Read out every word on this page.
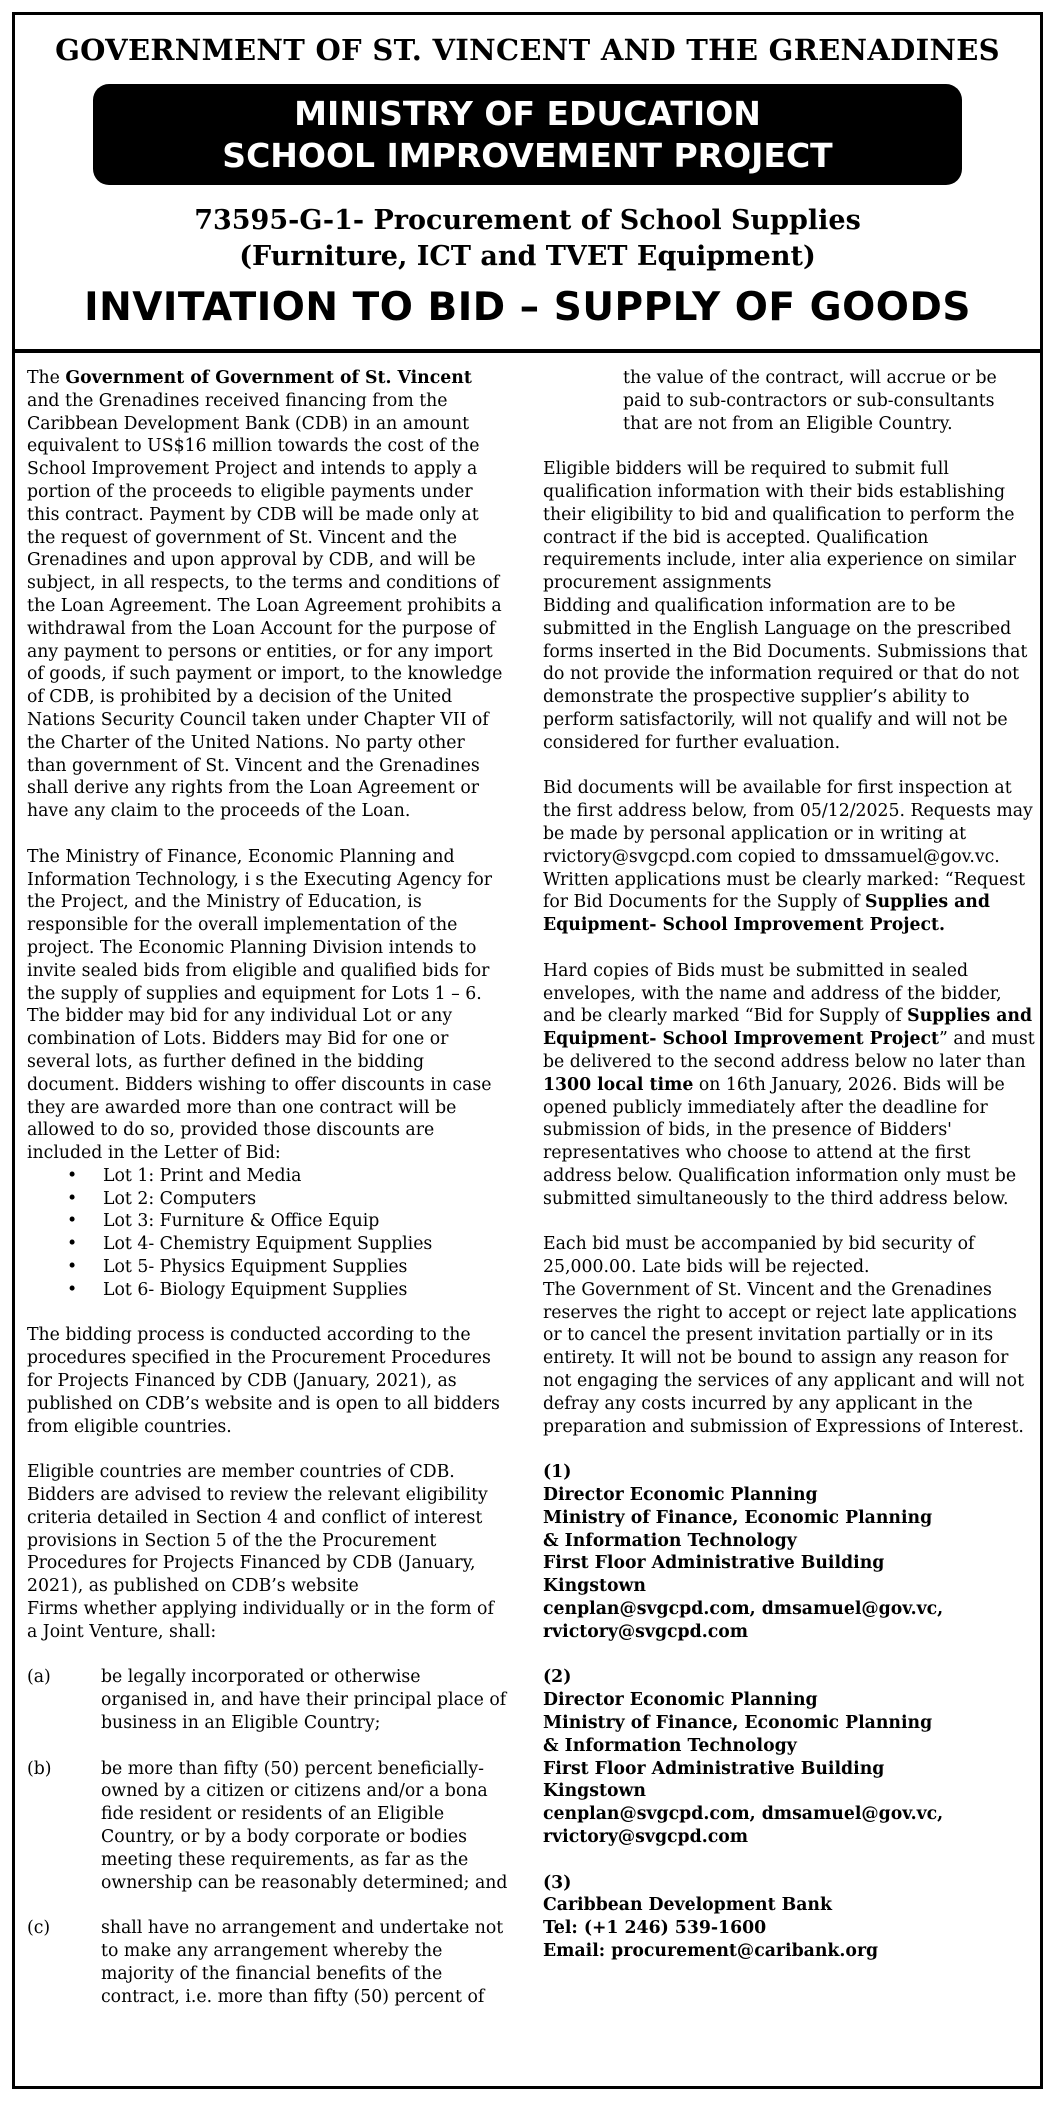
GOVERNMENT OF ST. VINCENT AND THE GRENADINES
MINISTRY OF EDUCATION
SCHOOL IMPROVEMENT PROJECT
73595-G-1- Procurement of School Supplies
(Furniture, ICT and TVET Equipment)
INVITATION TO BID – SUPPLY OF GOODS

The Government of Government of St. Vincent and the Grenadines received financing from the Caribbean Development Bank (CDB) in an amount equivalent to US$16 million towards the cost of the School Improvement Project and intends to apply a portion of the proceeds to eligible payments under this contract. Payment by CDB will be made only at the request of government of St. Vincent and the Grenadines and upon approval by CDB, and will be subject, in all respects, to the terms and conditions of the Loan Agreement. The Loan Agreement prohibits a withdrawal from the Loan Account for the purpose of any payment to persons or entities, or for any import of goods, if such payment or import, to the knowledge of CDB, is prohibited by a decision of the United Nations Security Council taken under Chapter VII of the Charter of the United Nations. No party other than government of St. Vincent and the Grenadines shall derive any rights from the Loan Agreement or have any claim to the proceeds of the Loan.

The Ministry of Finance, Economic Planning and Information Technology, i s the Executing Agency for the Project, and the Ministry of Education, is responsible for the overall implementation of the project. The Economic Planning Division intends to invite sealed bids from eligible and qualified bids for the supply of supplies and equipment for Lots 1 – 6. The bidder may bid for any individual Lot or any combination of Lots. Bidders may Bid for one or several lots, as further defined in the bidding document. Bidders wishing to offer discounts in case they are awarded more than one contract will be allowed to do so, provided those discounts are included in the Letter of Bid:

• Lot 1: Print and Media
• Lot 2: Computers
• Lot 3: Furniture & Office Equip
• Lot 4- Chemistry Equipment Supplies
• Lot 5- Physics Equipment Supplies
• Lot 6- Biology Equipment Supplies

The bidding process is conducted according to the procedures specified in the Procurement Procedures for Projects Financed by CDB (January, 2021), as published on CDB’s website and is open to all bidders from eligible countries.

Eligible countries are member countries of CDB. Bidders are advised to review the relevant eligibility criteria detailed in Section 4 and conflict of interest provisions in Section 5 of the the Procurement Procedures for Projects Financed by CDB (January, 2021), as published on CDB’s website

Firms whether applying individually or in the form of a Joint Venture, shall:

(a)	be legally incorporated or otherwise organised in, and have their principal place of business in an Eligible Country;
(b)	be more than fifty (50) percent beneficially-owned by a citizen or citizens and/or a bona fide resident or residents of an Eligible Country, or by a body corporate or bodies meeting these requirements, as far as the ownership can be reasonably determined; and
(c)	shall have no arrangement and undertake not to make any arrangement whereby the majority of the financial benefits of the contract, i.e. more than fifty (50) percent of

the value of the contract, will accrue or be paid to sub-contractors or sub-consultants that are not from an Eligible Country.

Eligible bidders will be required to submit full qualification information with their bids establishing their eligibility to bid and qualification to perform the contract if the bid is accepted. Qualification requirements include, inter alia experience on similar procurement assignments

Bidding and qualification information are to be submitted in the English Language on the prescribed forms inserted in the Bid Documents. Submissions that do not provide the information required or that do not demonstrate the prospective supplier’s ability to perform satisfactorily, will not qualify and will not be considered for further evaluation.

Bid documents will be available for first inspection at the first address below, from 05/12/2025. Requests may be made by personal application or in writing at rvictory@svgcpd.com copied to dmssamuel@gov.vc. Written applications must be clearly marked: “Request for Bid Documents for the Supply of Supplies and Equipment- School Improvement Project.

Hard copies of Bids must be submitted in sealed envelopes, with the name and address of the bidder, and be clearly marked “Bid for Supply of Supplies and Equipment- School Improvement Project” and must be delivered to the second address below no later than 1300 local time on 16th January, 2026. Bids will be opened publicly immediately after the deadline for submission of bids, in the presence of Bidders' representatives who choose to attend at the first address below. Qualification information only must be submitted simultaneously to the third address below.

Each bid must be accompanied by bid security of 25,000.00. Late bids will be rejected.

The Government of St. Vincent and the Grenadines reserves the right to accept or reject late applications or to cancel the present invitation partially or in its entirety. It will not be bound to assign any reason for not engaging the services of any applicant and will not defray any costs incurred by any applicant in the preparation and submission of Expressions of Interest.

(1)
Director Economic Planning
Ministry of Finance, Economic Planning
& Information Technology
First Floor Administrative Building
Kingstown
cenplan@svgcpd.com, dmsamuel@gov.vc,
rvictory@svgcpd.com
(2)
Director Economic Planning
Ministry of Finance, Economic Planning
& Information Technology
First Floor Administrative Building
Kingstown
cenplan@svgcpd.com, dmsamuel@gov.vc,
rvictory@svgcpd.com
(3)
Caribbean Development Bank
Tel: (+1 246) 539-1600
Email: procurement@caribank.org
